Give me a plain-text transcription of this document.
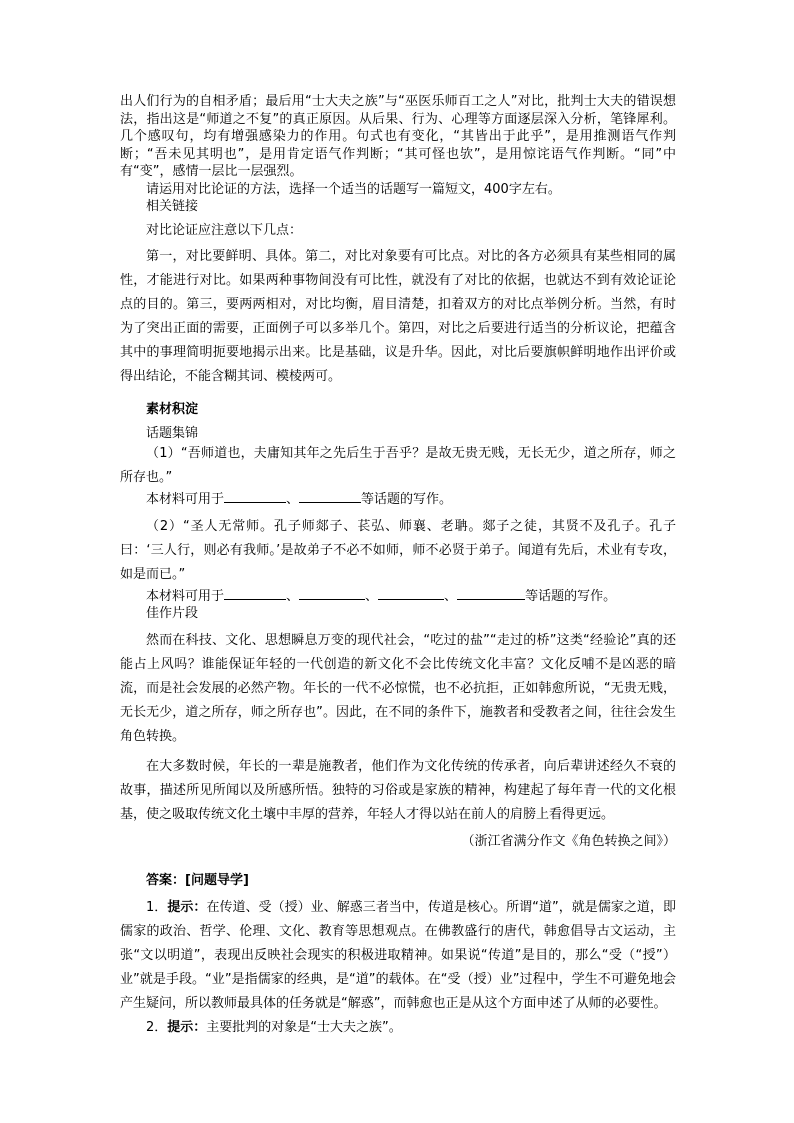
出人们行为的自相矛盾；最后用“士大夫之族”与“巫医乐师百工之人”对比，批判士大夫的错误想法，指出这是“师道之不复”的真正原因。从后果、行为、心理等方面逐层深入分析，笔锋犀利。几个感叹句，均有增强感染力的作用。句式也有变化，“其皆出于此乎”，是用推测语气作判断；“吾未见其明也”，是用肯定语气作判断；“其可怪也欤”，是用惊诧语气作判断。“同”中有“变”，感情一层比一层强烈。

请运用对比论证的方法，选择一个适当的话题写一篇短文，400字左右。

相关链接

对比论证应注意以下几点：

第一，对比要鲜明、具体。第二，对比对象要有可比点。对比的各方必须具有某些相同的属性，才能进行对比。如果两种事物间没有可比性，就没有了对比的依据，也就达不到有效论证论点的目的。第三，要两两相对，对比均衡，眉目清楚，扣着双方的对比点举例分析。当然，有时为了突出正面的需要，正面例子可以多举几个。第四，对比之后要进行适当的分析议论，把蕴含其中的事理简明扼要地揭示出来。比是基础，议是升华。因此，对比后要旗帜鲜明地作出评价或得出结论，不能含糊其词、模棱两可。

素材积淀

话题集锦

（1）“吾师道也，夫庸知其年之先后生于吾乎？是故无贵无贱，无长无少，道之所存，师之所存也。”

本材料可用于	、	等话题的写作。

（2）“圣人无常师。孔子师郯子、苌弘、师襄、老聃。郯子之徒，其贤不及孔子。孔子曰：‘三人行，则必有我师。’是故弟子不必不如师，师不必贤于弟子。闻道有先后，术业有专攻，如是而已。”

本材料可用于	、	、	、	等话题的写作。

佳作片段

然而在科技、文化、思想瞬息万变的现代社会，“吃过的盐”“走过的桥”这类“经验论”真的还能占上风吗？谁能保证年轻的一代创造的新文化不会比传统文化丰富？文化反哺不是凶恶的暗流，而是社会发展的必然产物。年长的一代不必惊慌，也不必抗拒，正如韩愈所说，“无贵无贱，无长无少，道之所存，师之所存也”。因此，在不同的条件下，施教者和受教者之间，往往会发生角色转换。

在大多数时候，年长的一辈是施教者，他们作为文化传统的传承者，向后辈讲述经久不衰的故事，描述所见所闻以及所感所悟。独特的习俗或是家族的精神，构建起了每年青一代的文化根基，使之吸取传统文化土壤中丰厚的营养，年轻人才得以站在前人的肩膀上看得更远。

（浙江省满分作文《角色转换之间》）

答案：[问题导学]

1．提示：在传道、受（授）业、解惑三者当中，传道是核心。所谓“道”，就是儒家之道，即儒家的政治、哲学、伦理、文化、教育等思想观点。在佛教盛行的唐代，韩愈倡导古文运动，主张“文以明道”，表现出反映社会现实的积极进取精神。如果说“传道”是目的，那么“受（“授”）业”就是手段。“业”是指儒家的经典，是“道”的载体。在“受（授）业”过程中，学生不可避免地会产生疑问，所以教师最具体的任务就是“解惑”，而韩愈也正是从这个方面申述了从师的必要性。

2．提示：主要批判的对象是“士大夫之族”。
